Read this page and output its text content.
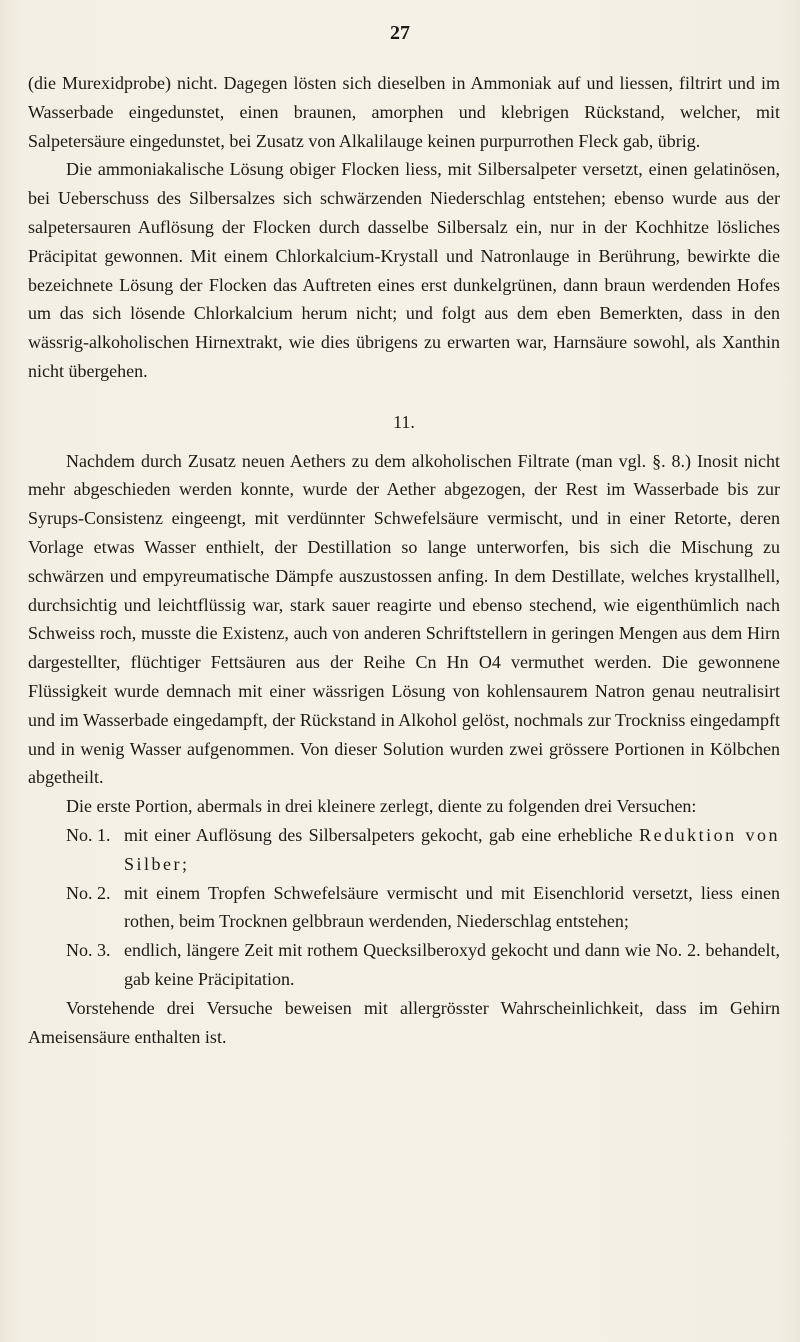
27

(die Murexidprobe) nicht. Dagegen lösten sich dieselben in Ammoniak auf und liessen, filtrirt und im Wasserbade eingedunstet, einen braunen, amorphen und klebrigen Rückstand, welcher, mit Salpetersäure eingedunstet, bei Zusatz von Alkalilauge keinen purpurrothen Fleck gab, übrig.

Die ammoniakalische Lösung obiger Flocken liess, mit Silbersalpeter versetzt, einen gelatinösen, bei Ueberschuss des Silbersalzes sich schwärzenden Niederschlag entstehen; ebenso wurde aus der salpetersauren Auflösung der Flocken durch dasselbe Silbersalz ein, nur in der Kochhitze lösliches Präcipitat gewonnen. Mit einem Chlorkalcium-Krystall und Natronlauge in Berührung, bewirkte die bezeichnete Lösung der Flocken das Auftreten eines erst dunkelgrünen, dann braun werdenden Hofes um das sich lösende Chlorkalcium herum nicht; und folgt aus dem eben Bemerkten, dass in den wässrig-alkoholischen Hirnextrakt, wie dies übrigens zu erwarten war, Harnsäure sowohl, als Xanthin nicht übergehen.

11.

Nachdem durch Zusatz neuen Aethers zu dem alkoholischen Filtrate (man vgl. §. 8.) Inosit nicht mehr abgeschieden werden konnte, wurde der Aether abgezogen, der Rest im Wasserbade bis zur Syrups-Consistenz eingeengt, mit verdünnter Schwefelsäure vermischt, und in einer Retorte, deren Vorlage etwas Wasser enthielt, der Destillation so lange unterworfen, bis sich die Mischung zu schwärzen und empyreumatische Dämpfe auszustossen anfing. In dem Destillate, welches krystallhell, durchsichtig und leichtflüssig war, stark sauer reagirte und ebenso stechend, wie eigenthümlich nach Schweiss roch, musste die Existenz, auch von anderen Schriftstellern in geringen Mengen aus dem Hirn dargestellter, flüchtiger Fettsäuren aus der Reihe Cn Hn O4 vermuthet werden. Die gewonnene Flüssigkeit wurde demnach mit einer wässrigen Lösung von kohlensaurem Natron genau neutralisirt und im Wasserbade eingedampft, der Rückstand in Alkohol gelöst, nochmals zur Trockniss eingedampft und in wenig Wasser aufgenommen. Von dieser Solution wurden zwei grössere Portionen in Kölbchen abgetheilt.

Die erste Portion, abermals in drei kleinere zerlegt, diente zu folgenden drei Versuchen:

No. 1. mit einer Auflösung des Silbersalpeters gekocht, gab eine erhebliche Reduktion von Silber;
No. 2. mit einem Tropfen Schwefelsäure vermischt und mit Eisenchlorid versetzt, liess einen rothen, beim Trocknen gelbbraun werdenden, Niederschlag entstehen;
No. 3. endlich, längere Zeit mit rothem Quecksilberoxyd gekocht und dann wie No. 2. behandelt, gab keine Präcipitation.

Vorstehende drei Versuche beweisen mit allergrösster Wahrscheinlichkeit, dass im Gehirn Ameisensäure enthalten ist.
